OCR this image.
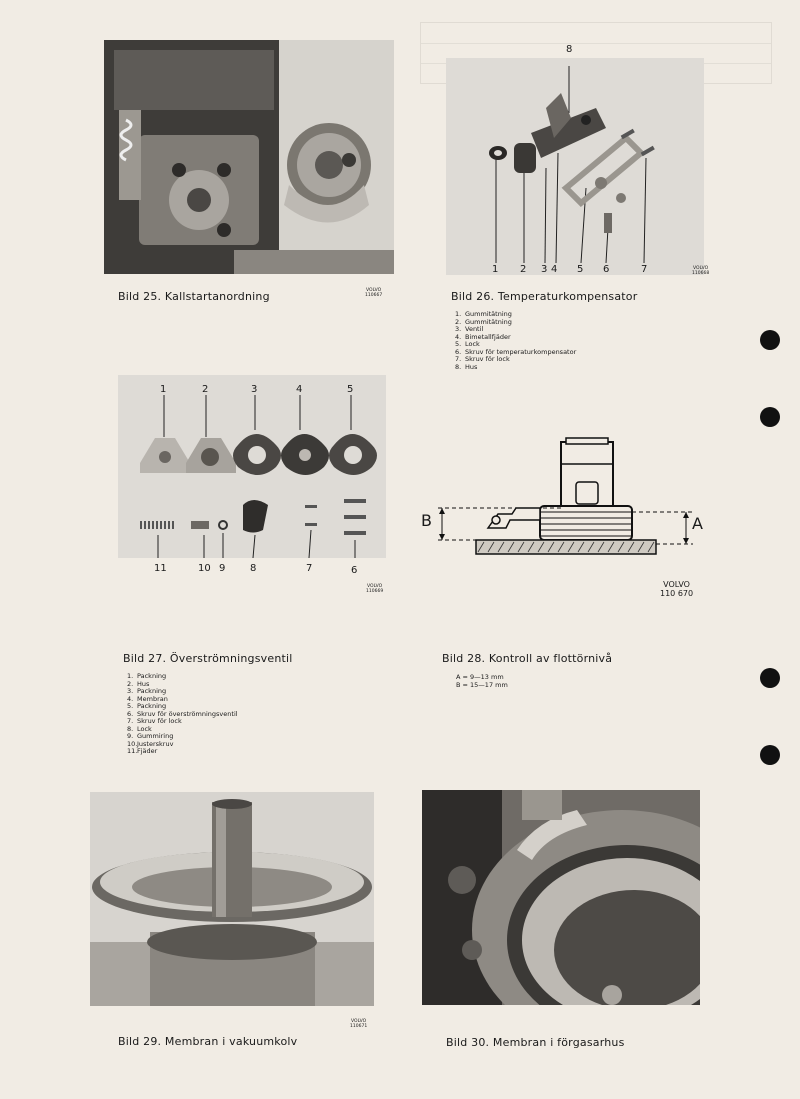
Bild 25. Kallstartanordning	VOLVO
110667
8
1 2 3 4 5 6	7	VOLVO
110668
Bild 26. Temperaturkompensator
1. Gummitätning
2. Gummitätning
3. Ventil
4. Bimetallfjäder
5. Lock
6. Skruv för temperaturkompensator
7. Skruv för lock
8. Hus
1	2	3	4	5
11	10 9 8	7	6
VOLVO
110669
Bild 27. Överströmningsventil
1. Packning
2. Hus
3. Packning
4. Membran
5. Packning
6. Skruv för överströmningsventil
7. Skruv för lock
8. Lock
9. Gummiring
10.Justerskruv
11.Fjäder
B	A
VOLVO
110 670
Bild 28. Kontroll av flottörnivå
A = 9—13 mm
B = 15—17 mm
VOLVO
110671
Bild 29. Membran i vakuumkolv	Bild 30. Membran i förgasarhus
